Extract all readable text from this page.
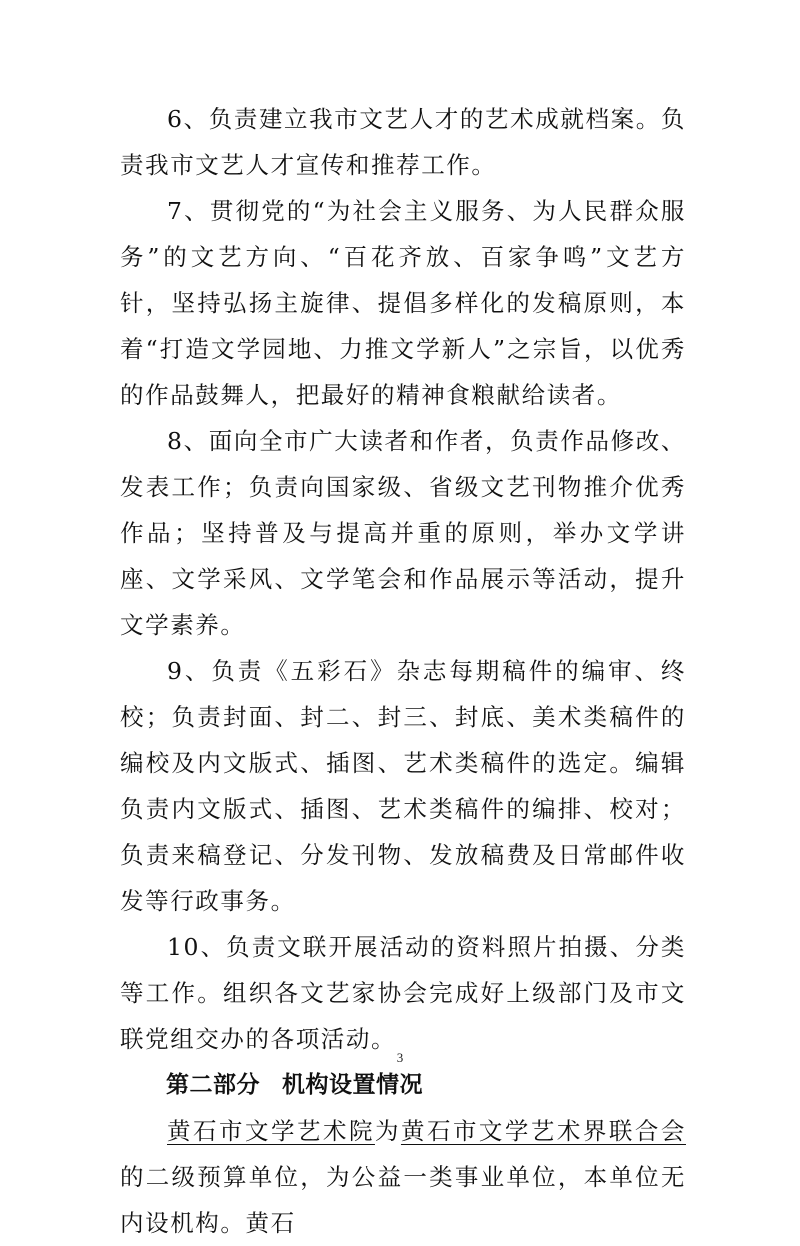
6、负责建立我市文艺人才的艺术成就档案。负责我市文艺人才宣传和推荐工作。

7、贯彻党的“为社会主义服务、为人民群众服务”的文艺方向、“百花齐放、百家争鸣”文艺方针，坚持弘扬主旋律、提倡多样化的发稿原则，本着“打造文学园地、力推文学新人”之宗旨，以优秀的作品鼓舞人，把最好的精神食粮献给读者。

8、面向全市广大读者和作者，负责作品修改、发表工作；负责向国家级、省级文艺刊物推介优秀作品；坚持普及与提高并重的原则，举办文学讲座、文学采风、文学笔会和作品展示等活动，提升文学素养。

9、负责《五彩石》杂志每期稿件的编审、终校；负责封面、封二、封三、封底、美术类稿件的编校及内文版式、插图、艺术类稿件的选定。编辑负责内文版式、插图、艺术类稿件的编排、校对；负责来稿登记、分发刊物、发放稿费及日常邮件收发等行政事务。

10、负责文联开展活动的资料照片拍摄、分类等工作。组织各文艺家协会完成好上级部门及市文联党组交办的各项活动。

第二部分 机构设置情况

黄石市文学艺术院为黄石市文学艺术界联合会的二级预算单位，为公益一类事业单位，本单位无内设机构。黄石

3
